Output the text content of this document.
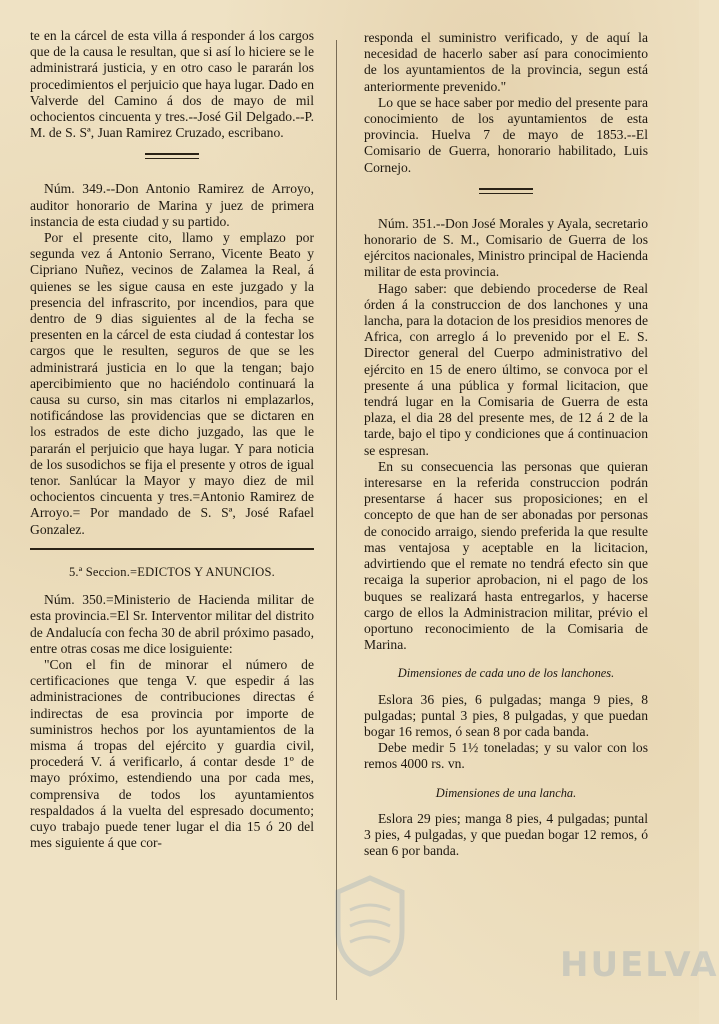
te en la cárcel de esta villa á responder á los cargos que de la causa le resultan, que si así lo hiciere se le administrará justicia, y en otro caso le pararán los procedimientos el perjuicio que haya lugar. Dado en Valverde del Camino á dos de mayo de mil ochocientos cincuenta y tres.--José Gil Delgado.--P. M. de S. Sª, Juan Ramirez Cruzado, escribano.

Núm. 349.--Don Antonio Ramirez de Arroyo, auditor honorario de Marina y juez de primera instancia de esta ciudad y su partido.

Por el presente cito, llamo y emplazo por segunda vez á Antonio Serrano, Vicente Beato y Cipriano Nuñez, vecinos de Zalamea la Real, á quienes se les sigue causa en este juzgado y la presencia del infrascrito, por incendios, para que dentro de 9 dias siguientes al de la fecha se presenten en la cárcel de esta ciudad á contestar los cargos que le resulten, seguros de que se les administrará justicia en lo que la tengan; bajo apercibimiento que no haciéndolo continuará la causa su curso, sin mas citarlos ni emplazarlos, notificándose las providencias que se dictaren en los estrados de este dicho juzgado, las que le pararán el perjuicio que haya lugar. Y para noticia de los susodichos se fija el presente y otros de igual tenor. Sanlúcar la Mayor y mayo diez de mil ochocientos cincuenta y tres.=Antonio Ramirez de Arroyo.= Por mandado de S. Sª, José Rafael Gonzalez.

5.ª Seccion.=EDICTOS Y ANUNCIOS.

Núm. 350.=Ministerio de Hacienda militar de esta provincia.=El Sr. Interventor militar del distrito de Andalucía con fecha 30 de abril próximo pasado, entre otras cosas me dice losiguiente:

"Con el fin de minorar el número de certificaciones que tenga V. que espedir á las administraciones de contribuciones directas é indirectas de esa provincia por importe de suministros hechos por los ayuntamientos de la misma á tropas del ejército y guardia civil, procederá V. á verificarlo, á contar desde 1º de mayo próximo, estendiendo una por cada mes, comprensiva de todos los ayuntamientos respaldados á la vuelta del espresado documento; cuyo trabajo puede tener lugar el dia 15 ó 20 del mes siguiente á que cor-

responda el suministro verificado, y de aquí la necesidad de hacerlo saber así para conocimiento de los ayuntamientos de la provincia, segun está anteriormente prevenido."

Lo que se hace saber por medio del presente para conocimiento de los ayuntamientos de esta provincia. Huelva 7 de mayo de 1853.--El Comisario de Guerra, honorario habilitado, Luis Cornejo.

Núm. 351.--Don José Morales y Ayala, secretario honorario de S. M., Comisario de Guerra de los ejércitos nacionales, Ministro principal de Hacienda militar de esta provincia.

Hago saber: que debiendo procederse de Real órden á la construccion de dos lanchones y una lancha, para la dotacion de los presidios menores de Africa, con arreglo á lo prevenido por el E. S. Director general del Cuerpo administrativo del ejército en 15 de enero último, se convoca por el presente á una pública y formal licitacion, que tendrá lugar en la Comisaria de Guerra de esta plaza, el dia 28 del presente mes, de 12 á 2 de la tarde, bajo el tipo y condiciones que á continuacion se espresan.

En su consecuencia las personas que quieran interesarse en la referida construccion podrán presentarse á hacer sus proposiciones; en el concepto de que han de ser abonadas por personas de conocido arraigo, siendo preferida la que resulte mas ventajosa y aceptable en la licitacion, advirtiendo que el remate no tendrá efecto sin que recaiga la superior aprobacion, ni el pago de los buques se realizará hasta entregarlos, y hacerse cargo de ellos la Administracion militar, prévio el oportuno reconocimiento de la Comisaria de Marina.

Dimensiones de cada uno de los lanchones.

Eslora 36 pies, 6 pulgadas; manga 9 pies, 8 pulgadas; puntal 3 pies, 8 pulgadas, y que puedan bogar 16 remos, ó sean 8 por cada banda.

Debe medir 5 1½ toneladas; y su valor con los remos 4000 rs. vn.

Dimensiones de una lancha.

Eslora 29 pies; manga 8 pies, 4 pulgadas; puntal 3 pies, 4 pulgadas, y que puedan bogar 12 remos, ó sean 6 por banda.

HUELVA
